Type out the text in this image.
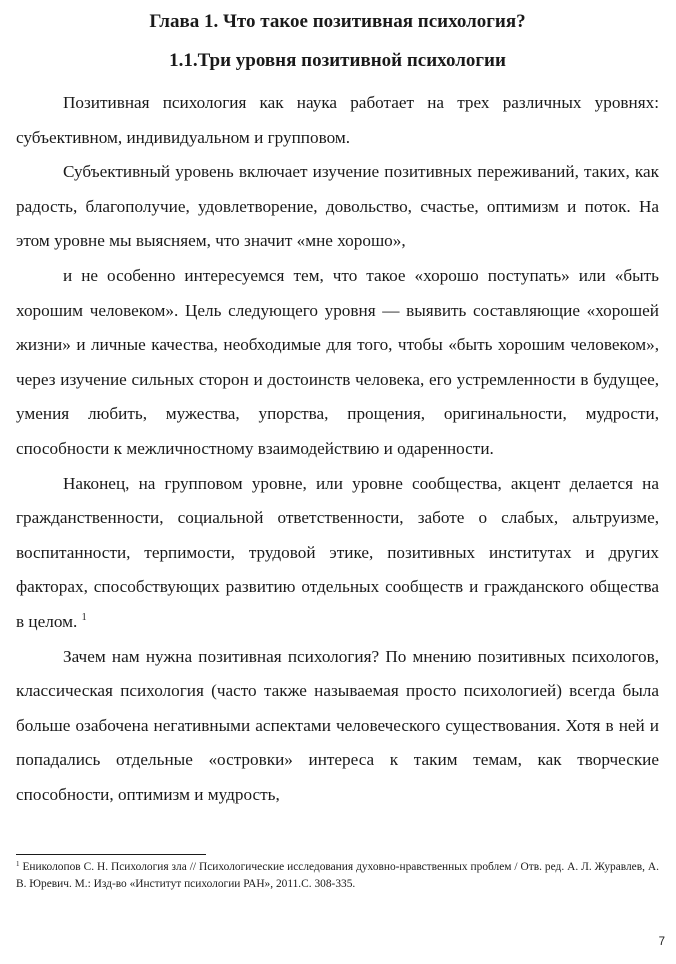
Глава 1. Что такое позитивная психология?
1.1.Три уровня позитивной психологии

Позитивная психология как наука работает на трех различных уровнях: субъективном, индивидуальном и групповом.

Субъективный уровень включает изучение позитивных переживаний, таких, как радость, благополучие, удовлетворение, довольство, счастье, оптимизм и поток. На этом уровне мы выясняем, что значит «мне хорошо»,

и не особенно интересуемся тем, что такое «хорошо поступать» или «быть хорошим человеком». Цель следующего уровня — выявить составляющие «хорошей жизни» и личные качества, необходимые для того, чтобы «быть хорошим человеком», через изучение сильных сторон и достоинств человека, его устремленности в будущее, умения любить, мужества, упорства, прощения, оригинальности, мудрости, способности к межличностному взаимодействию и одаренности.

Наконец, на групповом уровне, или уровне сообщества, акцент делается на гражданственности, социальной ответственности, заботе о слабых, альтруизме, воспитанности, терпимости, трудовой этике, позитивных институтах и других факторах, способствующих развитию отдельных сообществ и гражданского общества в целом. $^1$

Зачем нам нужна позитивная психология? По мнению позитивных психологов, классическая психология (часто также называемая просто психологией) всегда была больше озабочена негативными аспектами человеческого существования. Хотя в ней и попадались отдельные «островки» интереса к таким темам, как творческие способности, оптимизм и мудрость,

$^1$ Ениколопов С. Н. Психология зла // Психологические исследования духовно-нравственных проблем / Отв. ред. А. Л. Журавлев, А. В. Юревич. М.: Изд-во «Институт психологии РАН», 2011.С. 308-335.

7
